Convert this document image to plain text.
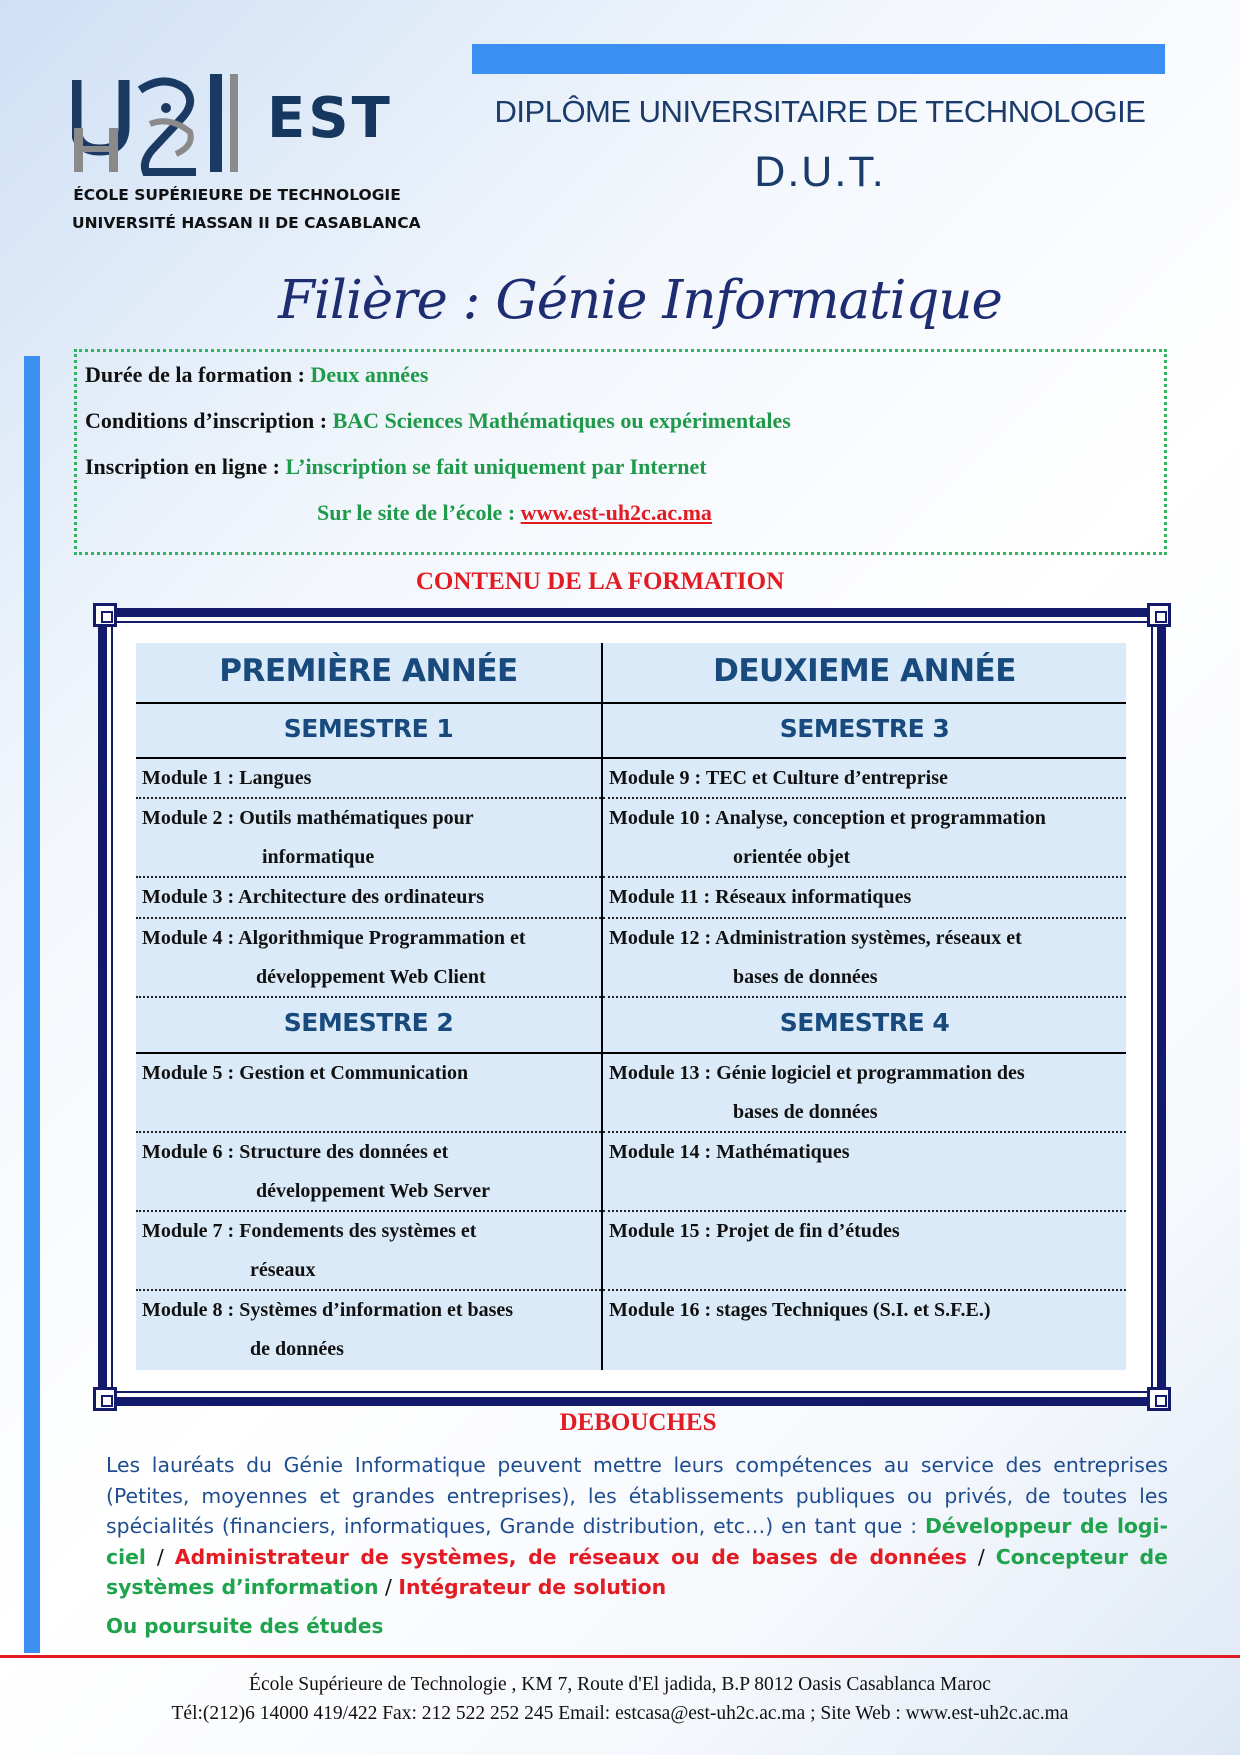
EST
ÉCOLE SUPÉRIEURE DE TECHNOLOGIE
UNIVERSITÉ HASSAN II DE CASABLANCA
DIPLÔME UNIVERSITAIRE DE TECHNOLOGIE
D.U.T.
Filière : Génie Informatique
Durée de la formation : Deux années
Conditions d’inscription : BAC Sciences Mathématiques ou expérimentales
Inscription en ligne : L’inscription se fait uniquement par Internet
Sur le site de l’école : www.est-uh2c.ac.ma
CONTENU DE LA FORMATION
PREMIÈRE ANNÉE
SEMESTRE 1
Module 1 : Langues
Module 2 : Outils mathématiques pour

informatique
Module 3 : Architecture des ordinateurs
Module 4 : Algorithmique Programmation et

développement Web Client
SEMESTRE 2
Module 5 : Gestion et Communication
Module 6 : Structure des données et

développement Web Server
Module 7 : Fondements des systèmes et

réseaux
Module 8 : Systèmes d’information et bases

de données
DEUXIEME ANNÉE
SEMESTRE 3
Module 9 : TEC et Culture d’entreprise
Module 10 : Analyse, conception et programmation

orientée objet
Module 11 : Réseaux informatiques
Module 12 : Administration systèmes, réseaux et

bases de données
SEMESTRE 4
Module 13 : Génie logiciel et programmation des

bases de données
Module 14 : Mathématiques
Module 15 : Projet de fin d’études
Module 16 : stages Techniques (S.I. et S.F.E.)
DEBOUCHES
Les lauréats du Génie Informatique peuvent mettre leurs compétences au service des entreprises (Petites, moyennes et grandes entreprises), les établissements publiques ou privés, de toutes les spécialités (financiers, informatiques, Grande distribution, etc…) en tant que : Développeur de logi-ciel / Administrateur de systèmes, de réseaux ou de bases de données / Concepteur de systèmes d’information / Intégrateur de solution
Ou poursuite des études
École Supérieure de Technologie , KM 7, Route d'El jadida, B.P 8012 Oasis Casablanca Maroc
Tél:(212)6 14000 419/422 Fax: 212 522 252 245 Email: estcasa@est-uh2c.ac.ma ; Site Web : www.est-uh2c.ac.ma
